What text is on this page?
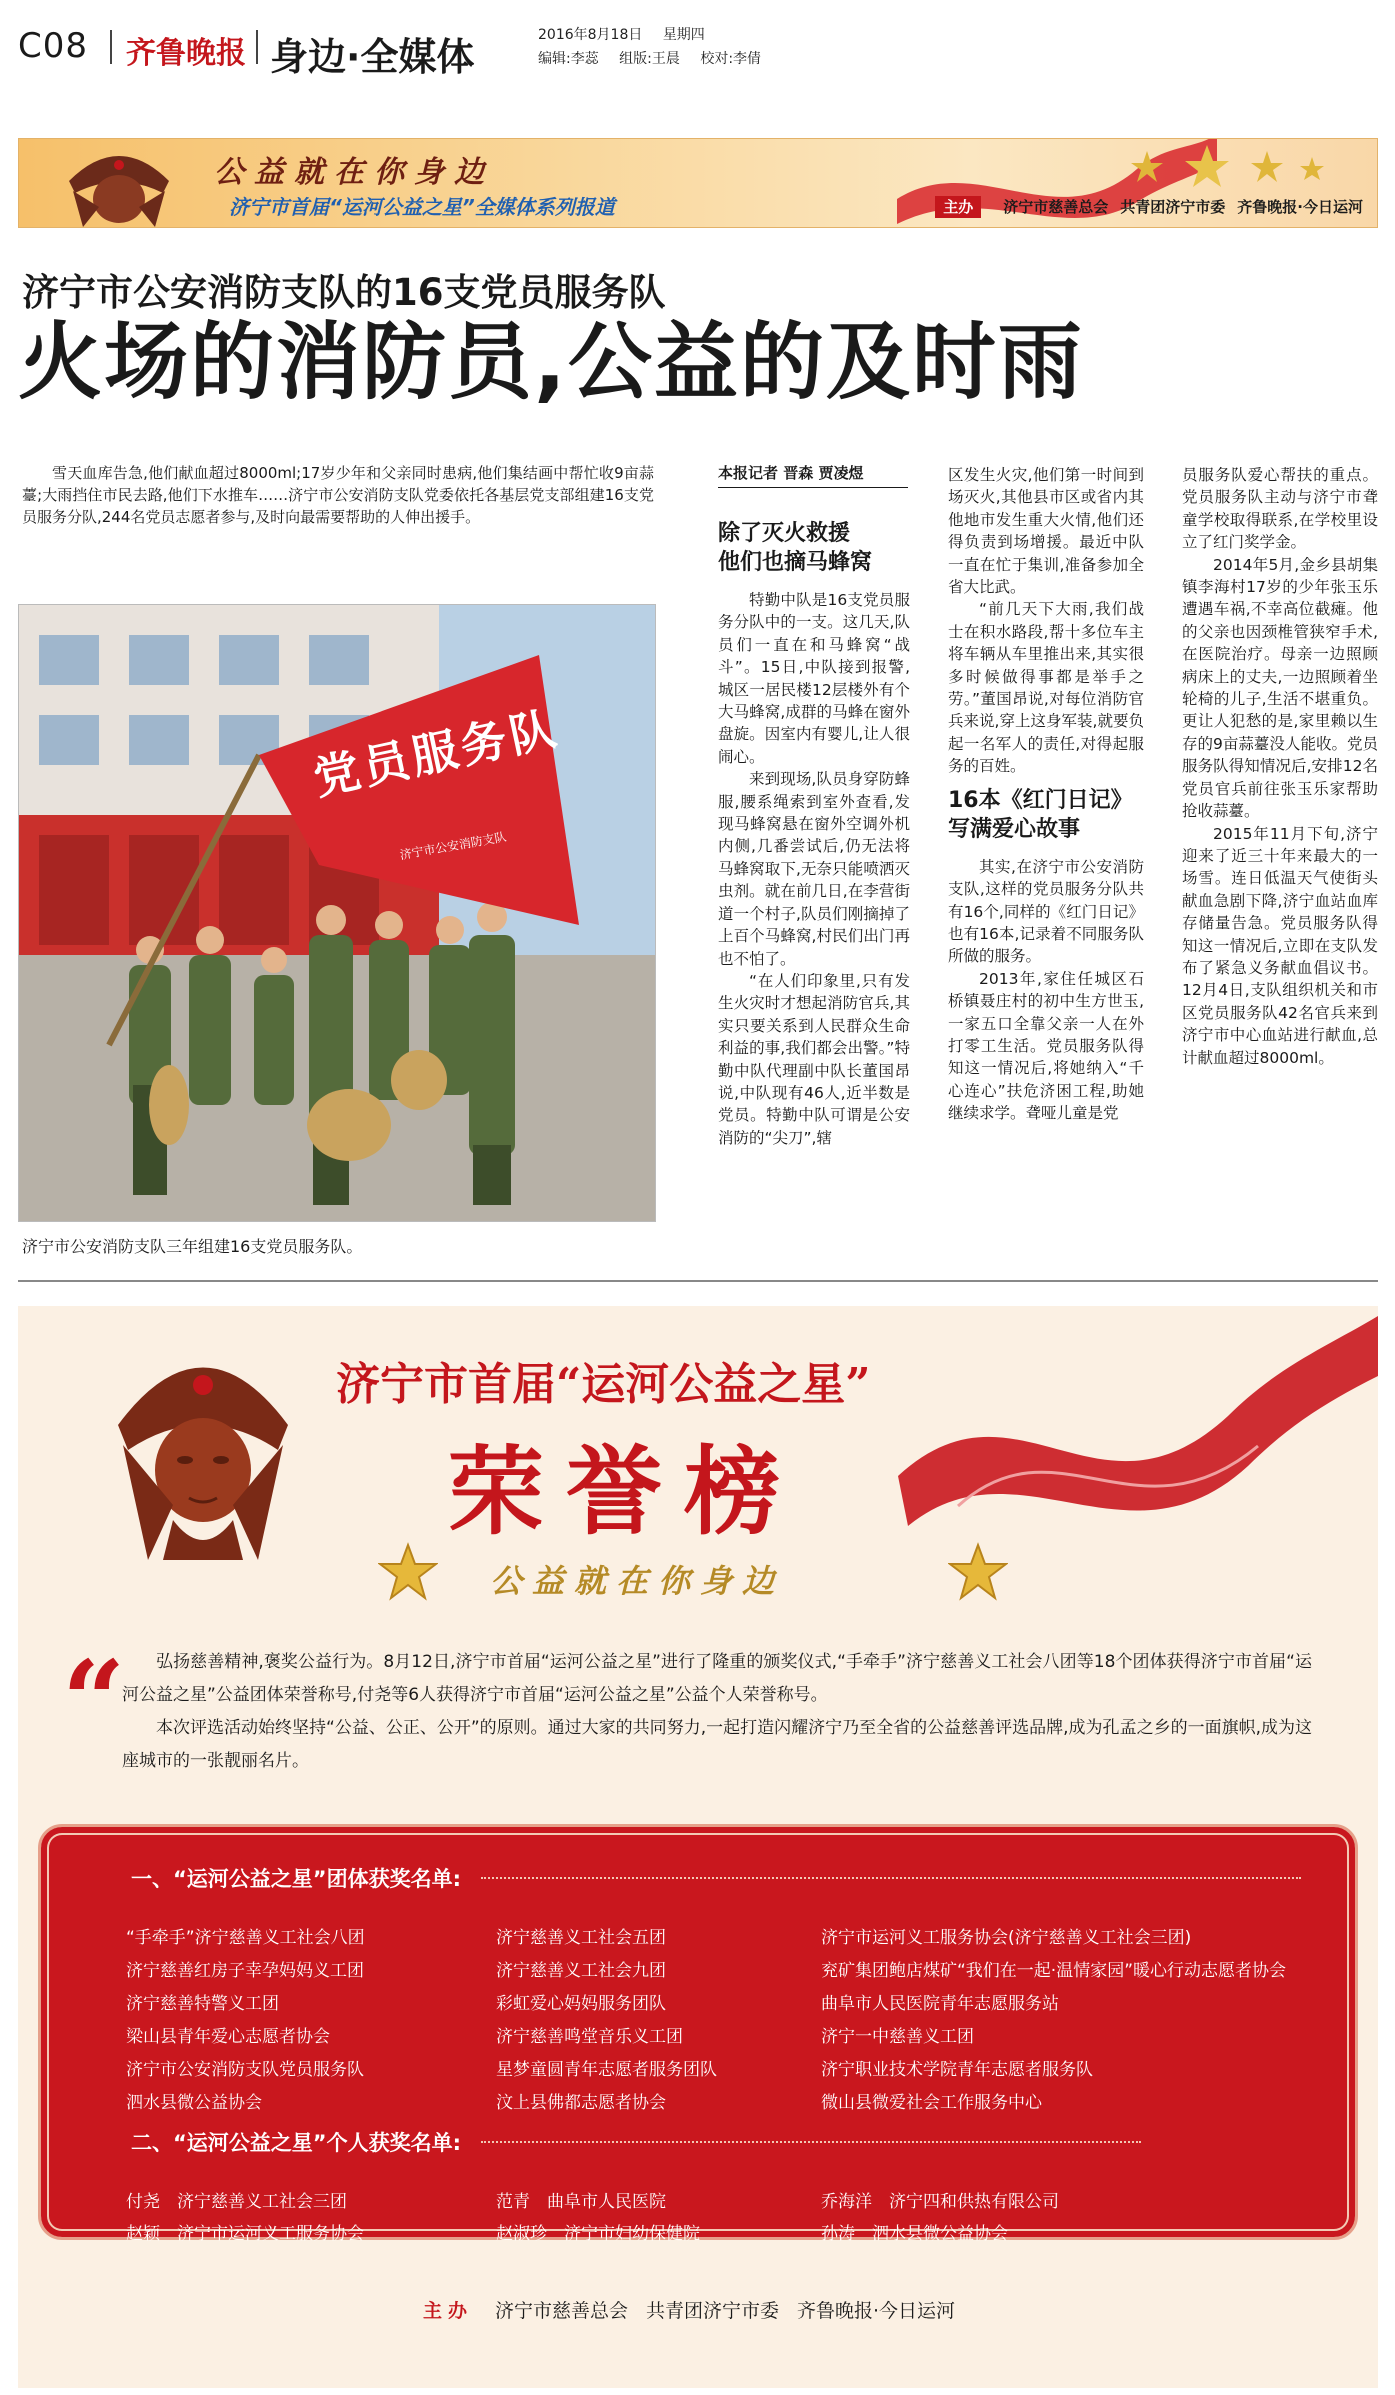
C08 齐鲁晚报 身边·全媒体	2016年8月18日 星期四
编辑:李蕊 组版:王晨 校对:李倩
公益就在你身边
济宁市首届“运河公益之星”全媒体系列报道	主办 济宁市慈善总会 共青团济宁市委 齐鲁晚报·今日运河
济宁市公安消防支队的16支党员服务队
火场的消防员,公益的及时雨
雪天血库告急,他们献血超过8000ml;17岁少年和父亲同时患病,他们集结画中帮忙收9亩蒜薹;大雨挡住市民去路,他们下水推车……济宁市公安消防支队党委依托各基层党支部组建16支党员服务分队,244名党员志愿者参与,及时向最需要帮助的人伸出援手。
党员服务队
济宁市公安消防支队
济宁市公安消防支队三年组建16支党员服务队。
本报记者 晋森 贾凌煜
除了灭火救援
他们也摘马蜂窝

特勤中队是16支党员服务分队中的一支。这几天,队员们一直在和马蜂窝“战斗”。15日,中队接到报警,城区一居民楼12层楼外有个大马蜂窝,成群的马蜂在窗外盘旋。因室内有婴儿,让人很闹心。

来到现场,队员身穿防蜂服,腰系绳索到室外查看,发现马蜂窝悬在窗外空调外机内侧,几番尝试后,仍无法将马蜂窝取下,无奈只能喷洒灭虫剂。就在前几日,在李营街道一个村子,队员们刚摘掉了上百个马蜂窝,村民们出门再也不怕了。

“在人们印象里,只有发生火灾时才想起消防官兵,其实只要关系到人民群众生命利益的事,我们都会出警。”特勤中队代理副中队长董国昂说,中队现有46人,近半数是党员。特勤中队可谓是公安消防的“尖刀”,辖

区发生火灾,他们第一时间到场灭火,其他县市区或省内其他地市发生重大火情,他们还得负责到场增援。最近中队一直在忙于集训,准备参加全省大比武。

“前几天下大雨,我们战士在积水路段,帮十多位车主将车辆从车里推出来,其实很多时候做得事都是举手之劳。”董国昂说,对每位消防官兵来说,穿上这身军装,就要负起一名军人的责任,对得起服务的百姓。

16本《红门日记》
写满爱心故事

其实,在济宁市公安消防支队,这样的党员服务分队共有16个,同样的《红门日记》也有16本,记录着不同服务队所做的服务。

2013年,家住任城区石桥镇聂庄村的初中生方世玉,一家五口全靠父亲一人在外打零工生活。党员服务队得知这一情况后,将她纳入“千心连心”扶危济困工程,助她继续求学。聋哑儿童是党

员服务队爱心帮扶的重点。党员服务队主动与济宁市聋童学校取得联系,在学校里设立了红门奖学金。

2014年5月,金乡县胡集镇李海村17岁的少年张玉乐遭遇车祸,不幸高位截瘫。他的父亲也因颈椎管狭窄手术,在医院治疗。母亲一边照顾病床上的丈夫,一边照顾着坐轮椅的儿子,生活不堪重负。更让人犯愁的是,家里赖以生存的9亩蒜薹没人能收。党员服务队得知情况后,安排12名党员官兵前往张玉乐家帮助抢收蒜薹。

2015年11月下旬,济宁迎来了近三十年来最大的一场雪。连日低温天气使街头献血急剧下降,济宁血站血库存储量告急。党员服务队得知这一情况后,立即在支队发布了紧急义务献血倡议书。12月4日,支队组织机关和市区党员服务队42名官兵来到济宁市中心血站进行献血,总计献血超过8000ml。

济宁市首届“运河公益之星”
荣誉榜
公益就在你身边
“	弘扬慈善精神,褒奖公益行为。8月12日,济宁市首届“运河公益之星”进行了隆重的颁奖仪式,“手牵手”济宁慈善义工社会八团等18个团体获得济宁市首届“运河公益之星”公益团体荣誉称号,付尧等6人获得济宁市首届“运河公益之星”公益个人荣誉称号。

本次评选活动始终坚持“公益、公正、公开”的原则。通过大家的共同努力,一起打造闪耀济宁乃至全省的公益慈善评选品牌,成为孔孟之乡的一面旗帜,成为这座城市的一张靓丽名片。

一、“运河公益之星”团体获奖名单:
“手牵手”济宁慈善义工社会八团	济宁慈善义工社会五团	济宁市运河义工服务协会(济宁慈善义工社会三团)
济宁慈善红房子幸孕妈妈义工团	济宁慈善义工社会九团	兖矿集团鲍店煤矿“我们在一起·温情家园”暖心行动志愿者协会
济宁慈善特警义工团	彩虹爱心妈妈服务团队	曲阜市人民医院青年志愿服务站
梁山县青年爱心志愿者协会	济宁慈善鸣堂音乐义工团	济宁一中慈善义工团
济宁市公安消防支队党员服务队	星梦童圆青年志愿者服务团队	济宁职业技术学院青年志愿者服务队
泗水县微公益协会	汶上县佛都志愿者协会	微山县微爱社会工作服务中心
二、“运河公益之星”个人获奖名单:
付尧  济宁慈善义工社会三团	范青  曲阜市人民医院	乔海洋  济宁四和供热有限公司
赵颖  济宁市运河义工服务协会	赵淑珍  济宁市妇幼保健院	孙涛  泗水县微公益协会
主办 济宁市慈善总会 共青团济宁市委 齐鲁晚报·今日运河
